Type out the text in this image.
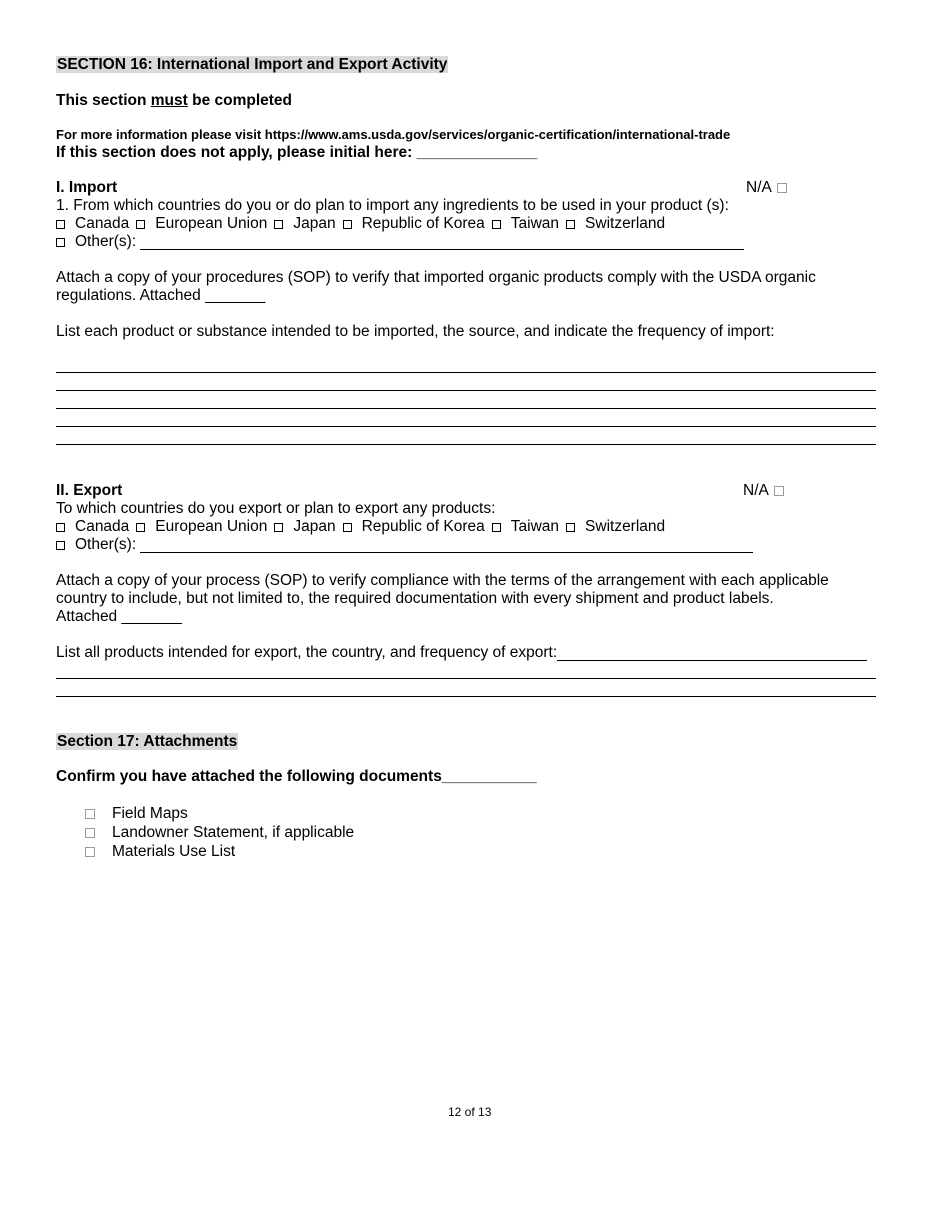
SECTION 16: International Import and Export Activity
This section must be completed
For more information please visit https://www.ams.usda.gov/services/organic-certification/international-trade
If this section does not apply, please initial here: ______________
I. Import	N/A
1. From which countries do you or do plan to import any ingredients to be used in your product (s):
Canada European Union Japan Republic of Korea Taiwan Switzerland
Other(s):
Attach a copy of your procedures (SOP) to verify that imported organic products comply with the USDA organic
regulations. Attached _______
List each product or substance intended to be imported, the source, and indicate the frequency of import:
II. Export	N/A
To which countries do you export or plan to export any products:
Canada European Union Japan Republic of Korea Taiwan Switzerland
Other(s):
Attach a copy of your process (SOP) to verify compliance with the terms of the arrangement with each applicable
country to include, but not limited to, the required documentation with every shipment and product labels.
Attached _______
List all products intended for export, the country, and frequency of export:
Section 17: Attachments
Confirm you have attached the following documents___________
Field Maps
Landowner Statement, if applicable
Materials Use List
12 of 13
